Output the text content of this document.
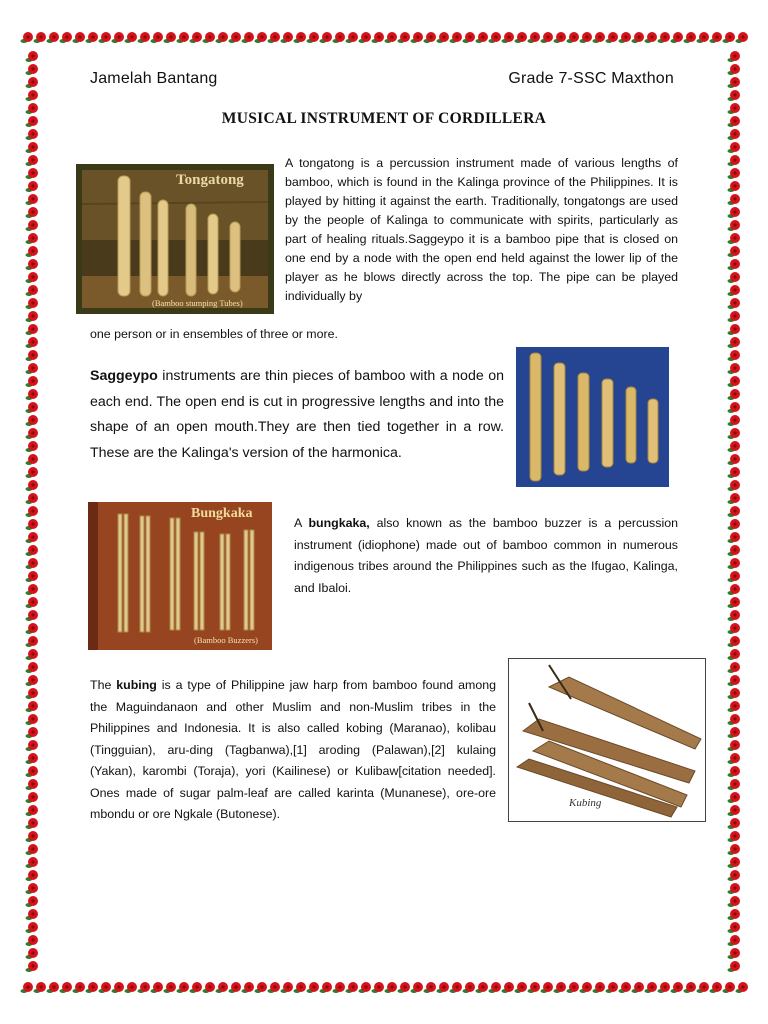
Jamelah Bantang	Grade 7-SSC Maxthon
MUSICAL INSTRUMENT OF CORDILLERA
Tongatong
(Bamboo stumping Tubes)
A tongatong is a percussion instrument made of various lengths of bamboo, which is found in the Kalinga province of the Philippines. It is played by hitting it against the earth. Traditionally, tongatongs are used by the people of Kalinga to communicate with spirits, particularly as part of healing rituals.Saggeypo it is a bamboo pipe that is closed on one end by a node with the open end held against the lower lip of the player as he blows directly across the top. The pipe can be played individually by
one person or in ensembles of three or more.
Saggeypo instruments are thin pieces of bamboo with a node on each end. The open end is cut in progressive lengths and into the shape of an open mouth.They are then tied together in a row. These are the Kalinga's version of the harmonica.
Bungkaka
(Bamboo Buzzers)
A bungkaka, also known as the bamboo buzzer is a percussion instrument (idiophone) made out of bamboo common in numerous indigenous tribes around the Philippines such as the Ifugao, Kalinga, and Ibaloi.
The kubing is a type of Philippine jaw harp from bamboo found among the Maguindanaon and other Muslim and non-Muslim tribes in the Philippines and Indonesia. It is also called kobing (Maranao), kolibau (Tingguian), aru-ding (Tagbanwa),[1] aroding (Palawan),[2] kulaing (Yakan), karombi (Toraja), yori (Kailinese) or Kulibaw[citation needed]. Ones made of sugar palm-leaf are called karinta (Munanese), ore-ore mbondu or ore Ngkale (Butonese).
Kubing
